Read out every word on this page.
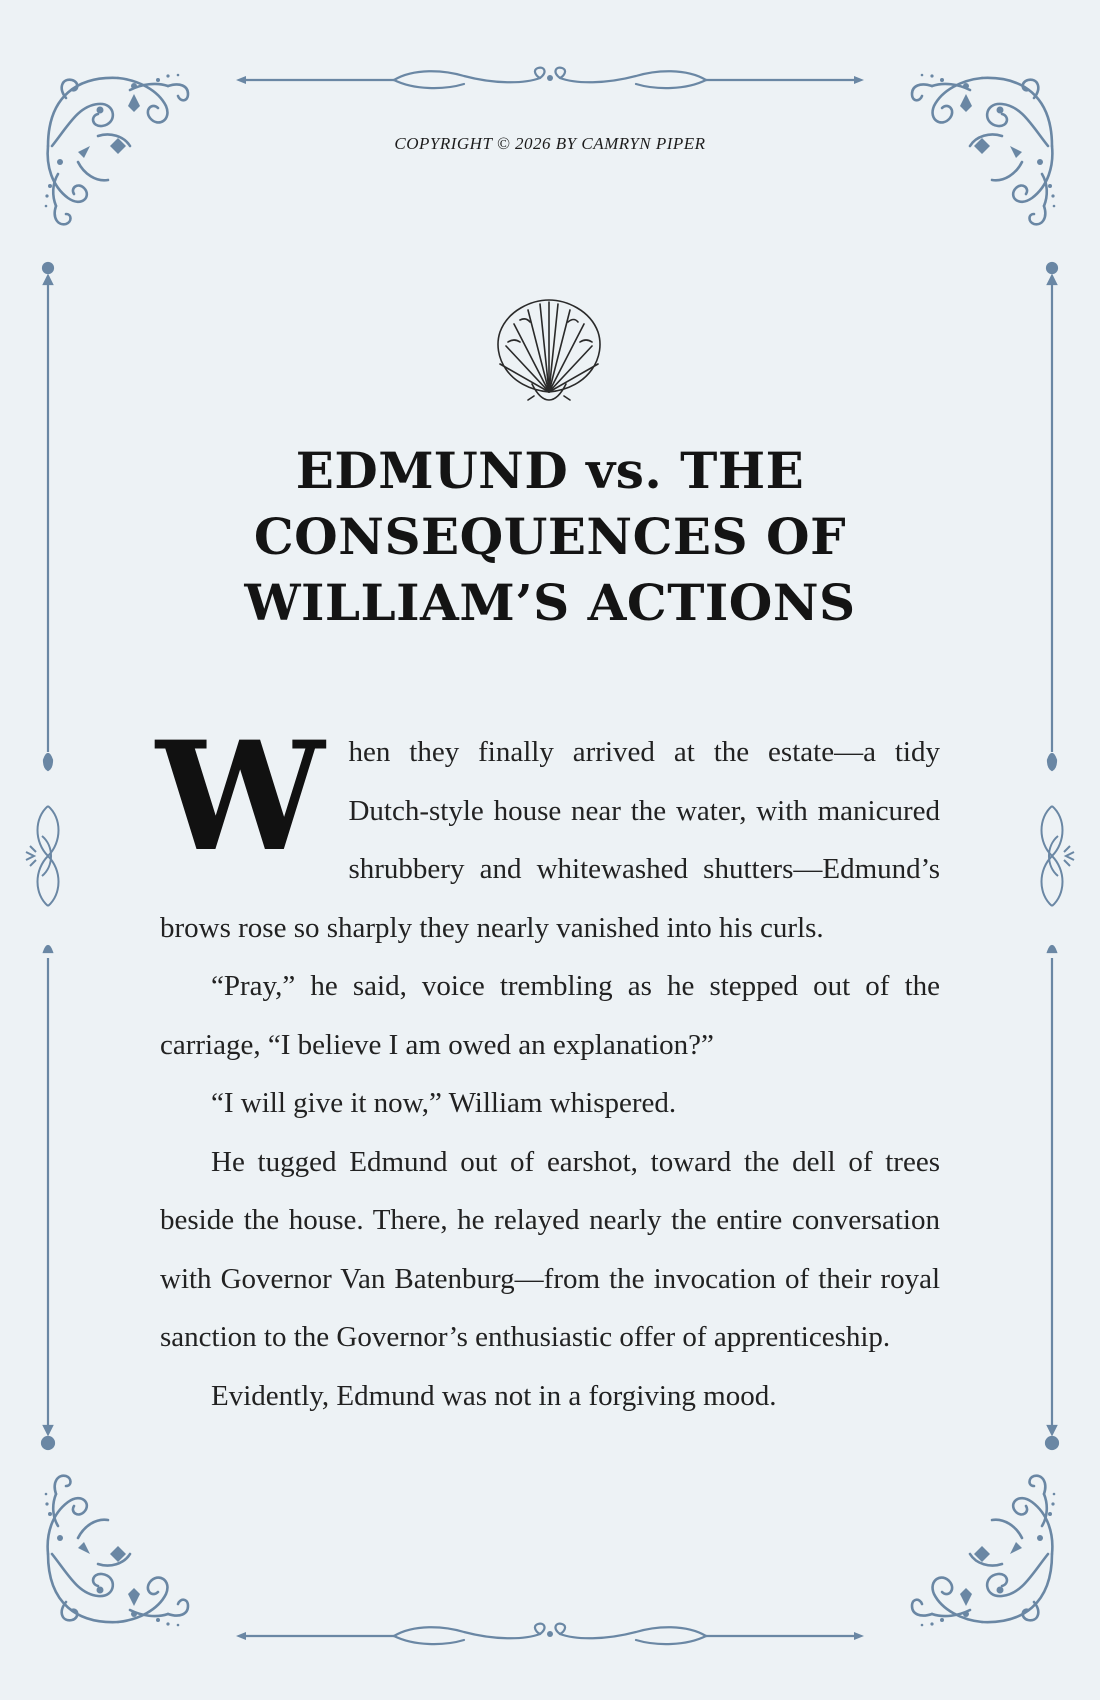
COPYRIGHT © 2026 BY CAMRYN PIPER
EDMUND vs. THE
CONSEQUENCES OF
WILLIAM’S ACTIONS

When they finally arrived at the estate—a tidy Dutch-style house near the water, with manicured shrubbery and whitewashed shutters—Edmund’s brows rose so sharply they nearly vanished into his curls.

“Pray,” he said, voice trembling as he stepped out of the carriage, “I believe I am owed an explanation?”

“I will give it now,” William whispered.

He tugged Edmund out of earshot, toward the dell of trees beside the house. There, he relayed nearly the entire conversation with Governor Van Batenburg—from the invocation of their royal sanction to the Governor’s enthusiastic offer of apprenticeship.

Evidently, Edmund was not in a forgiving mood.
